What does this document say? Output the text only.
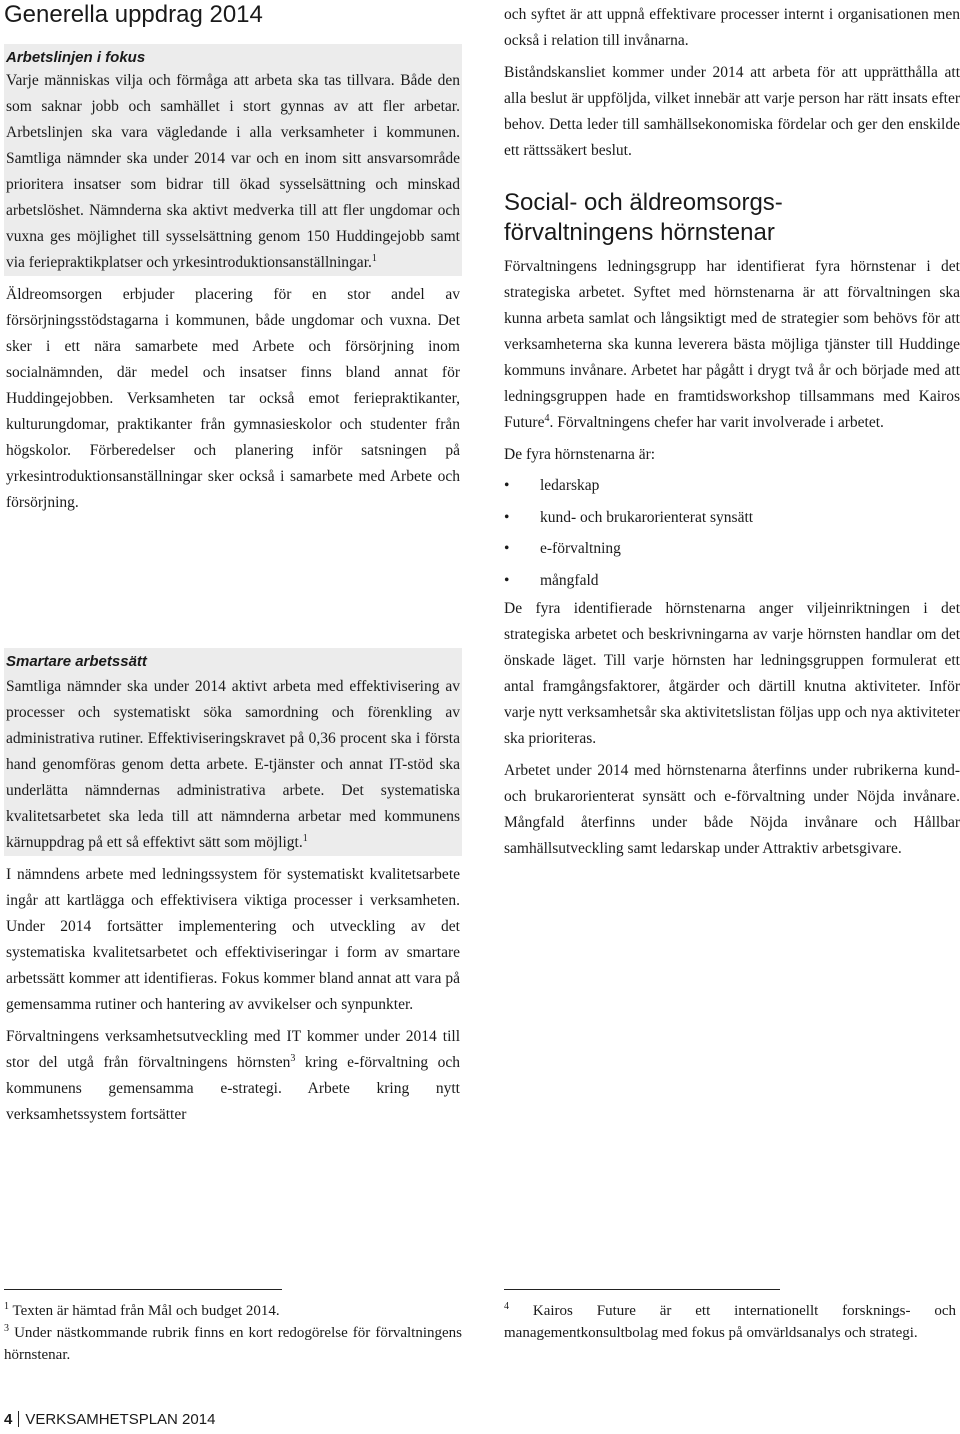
Generella uppdrag 2014
Arbetslinjen i fokus

Varje människas vilja och förmåga att arbeta ska tas tillvara. Både den som saknar jobb och samhället i stort gynnas av att fler arbetar. Arbetslinjen ska vara vägledande i alla verksamheter i kommunen. Samtliga nämnder ska under 2014 var och en inom sitt ansvarsområde prioritera insatser som bidrar till ökad sysselsättning och minskad arbetslöshet. Nämnderna ska aktivt medverka till att fler ungdomar och vuxna ges möjlighet till sysselsättning genom 150 Huddingejobb samt via feriepraktikplatser och yrkesintroduktionsanställningar.$^1$

Äldreomsorgen erbjuder placering för en stor andel av försörjningsstödstagarna i kommunen, både ungdomar och vuxna. Det sker i ett nära samarbete med Arbete och försörjning inom socialnämnden, där medel och insatser finns bland annat för Huddingejobben. Verksamheten tar också emot feriepraktikanter, kulturungdomar, praktikanter från gymnasieskolor och studenter från högskolor. Förberedelser och planering inför satsningen på yrkesintroduktionsanställningar sker också i samarbete med Arbete och försörjning.

Smartare arbetssätt

Samtliga nämnder ska under 2014 aktivt arbeta med effektivisering av processer och systematiskt söka samordning och förenkling av administrativa rutiner. Effektiviseringskravet på 0,36 procent ska i första hand genomföras genom detta arbete. E-tjänster och annat IT-stöd ska underlätta nämndernas administrativa arbete. Det systematiska kvalitetsarbetet ska leda till att nämnderna arbetar med kommunens kärnuppdrag på ett så effektivt sätt som möjligt.$^1$

I nämndens arbete med ledningssystem för systematiskt kvalitetsarbete ingår att kartlägga och effektivisera viktiga processer i verksamheten. Under 2014 fortsätter implementering och utveckling av det systematiska kvalitetsarbetet och effektiviseringar i form av smartare arbetssätt kommer att identifieras. Fokus kommer bland annat att vara på gemensamma rutiner och hantering av avvikelser och synpunkter.

Förvaltningens verksamhetsutveckling med IT kommer under 2014 till stor del utgå från förvaltningens hörnsten$^3$ kring e-förvaltning och kommunens gemensamma e-strategi. Arbete kring nytt verksamhetssystem fortsätter

och syftet är att uppnå effektivare processer internt i organisationen men också i relation till invånarna.

Biståndskansliet kommer under 2014 att arbeta för att upprätthålla att alla beslut är uppföljda, vilket innebär att varje person har rätt insats efter behov. Detta leder till samhällsekonomiska fördelar och ger den enskilde ett rättssäkert beslut.

Social- och äldreomsorgs-
förvaltningens hörnstenar

Förvaltningens ledningsgrupp har identifierat fyra hörnstenar i det strategiska arbetet. Syftet med hörnstenarna är att förvaltningen ska kunna arbeta samlat och långsiktigt med de strategier som behövs för att verksamheterna ska kunna leverera bästa möjliga tjänster till Huddinge kommuns invånare. Arbetet har pågått i drygt två år och började med att ledningsgruppen hade en framtidsworkshop tillsammans med Kairos Future$^4$. Förvaltningens chefer har varit involverade i arbetet.

De fyra hörnstenarna är:

• ledarskap
• kund- och brukarorienterat synsätt
• e-förvaltning
• mångfald

De fyra identifierade hörnstenarna anger viljeinriktningen i det strategiska arbetet och beskrivningarna av varje hörnsten handlar om det önskade läget. Till varje hörnsten har ledningsgruppen formulerat ett antal framgångsfaktorer, åtgärder och därtill knutna aktiviteter. Inför varje nytt verksamhetsår ska aktivitetslistan följas upp och nya aktiviteter ska prioriteras.

Arbetet under 2014 med hörnstenarna återfinns under rubrikerna kund- och brukarorienterat synsätt och e-förvaltning under Nöjda invånare. Mångfald återfinns under både Nöjda invånare och Hållbar samhällsutveckling samt ledarskap under Attraktiv arbetsgivare.

$^1$ Texten är hämtad från Mål och budget 2014.

$^3$ Under nästkommande rubrik finns en kort redogörelse för förvaltningens hörnstenar.

$^4$ Kairos Future är ett internationellt forsknings- och managementkonsultbolag med fokus på omvärldsanalys och strategi.

4 VERKSAMHETSPLAN 2014
